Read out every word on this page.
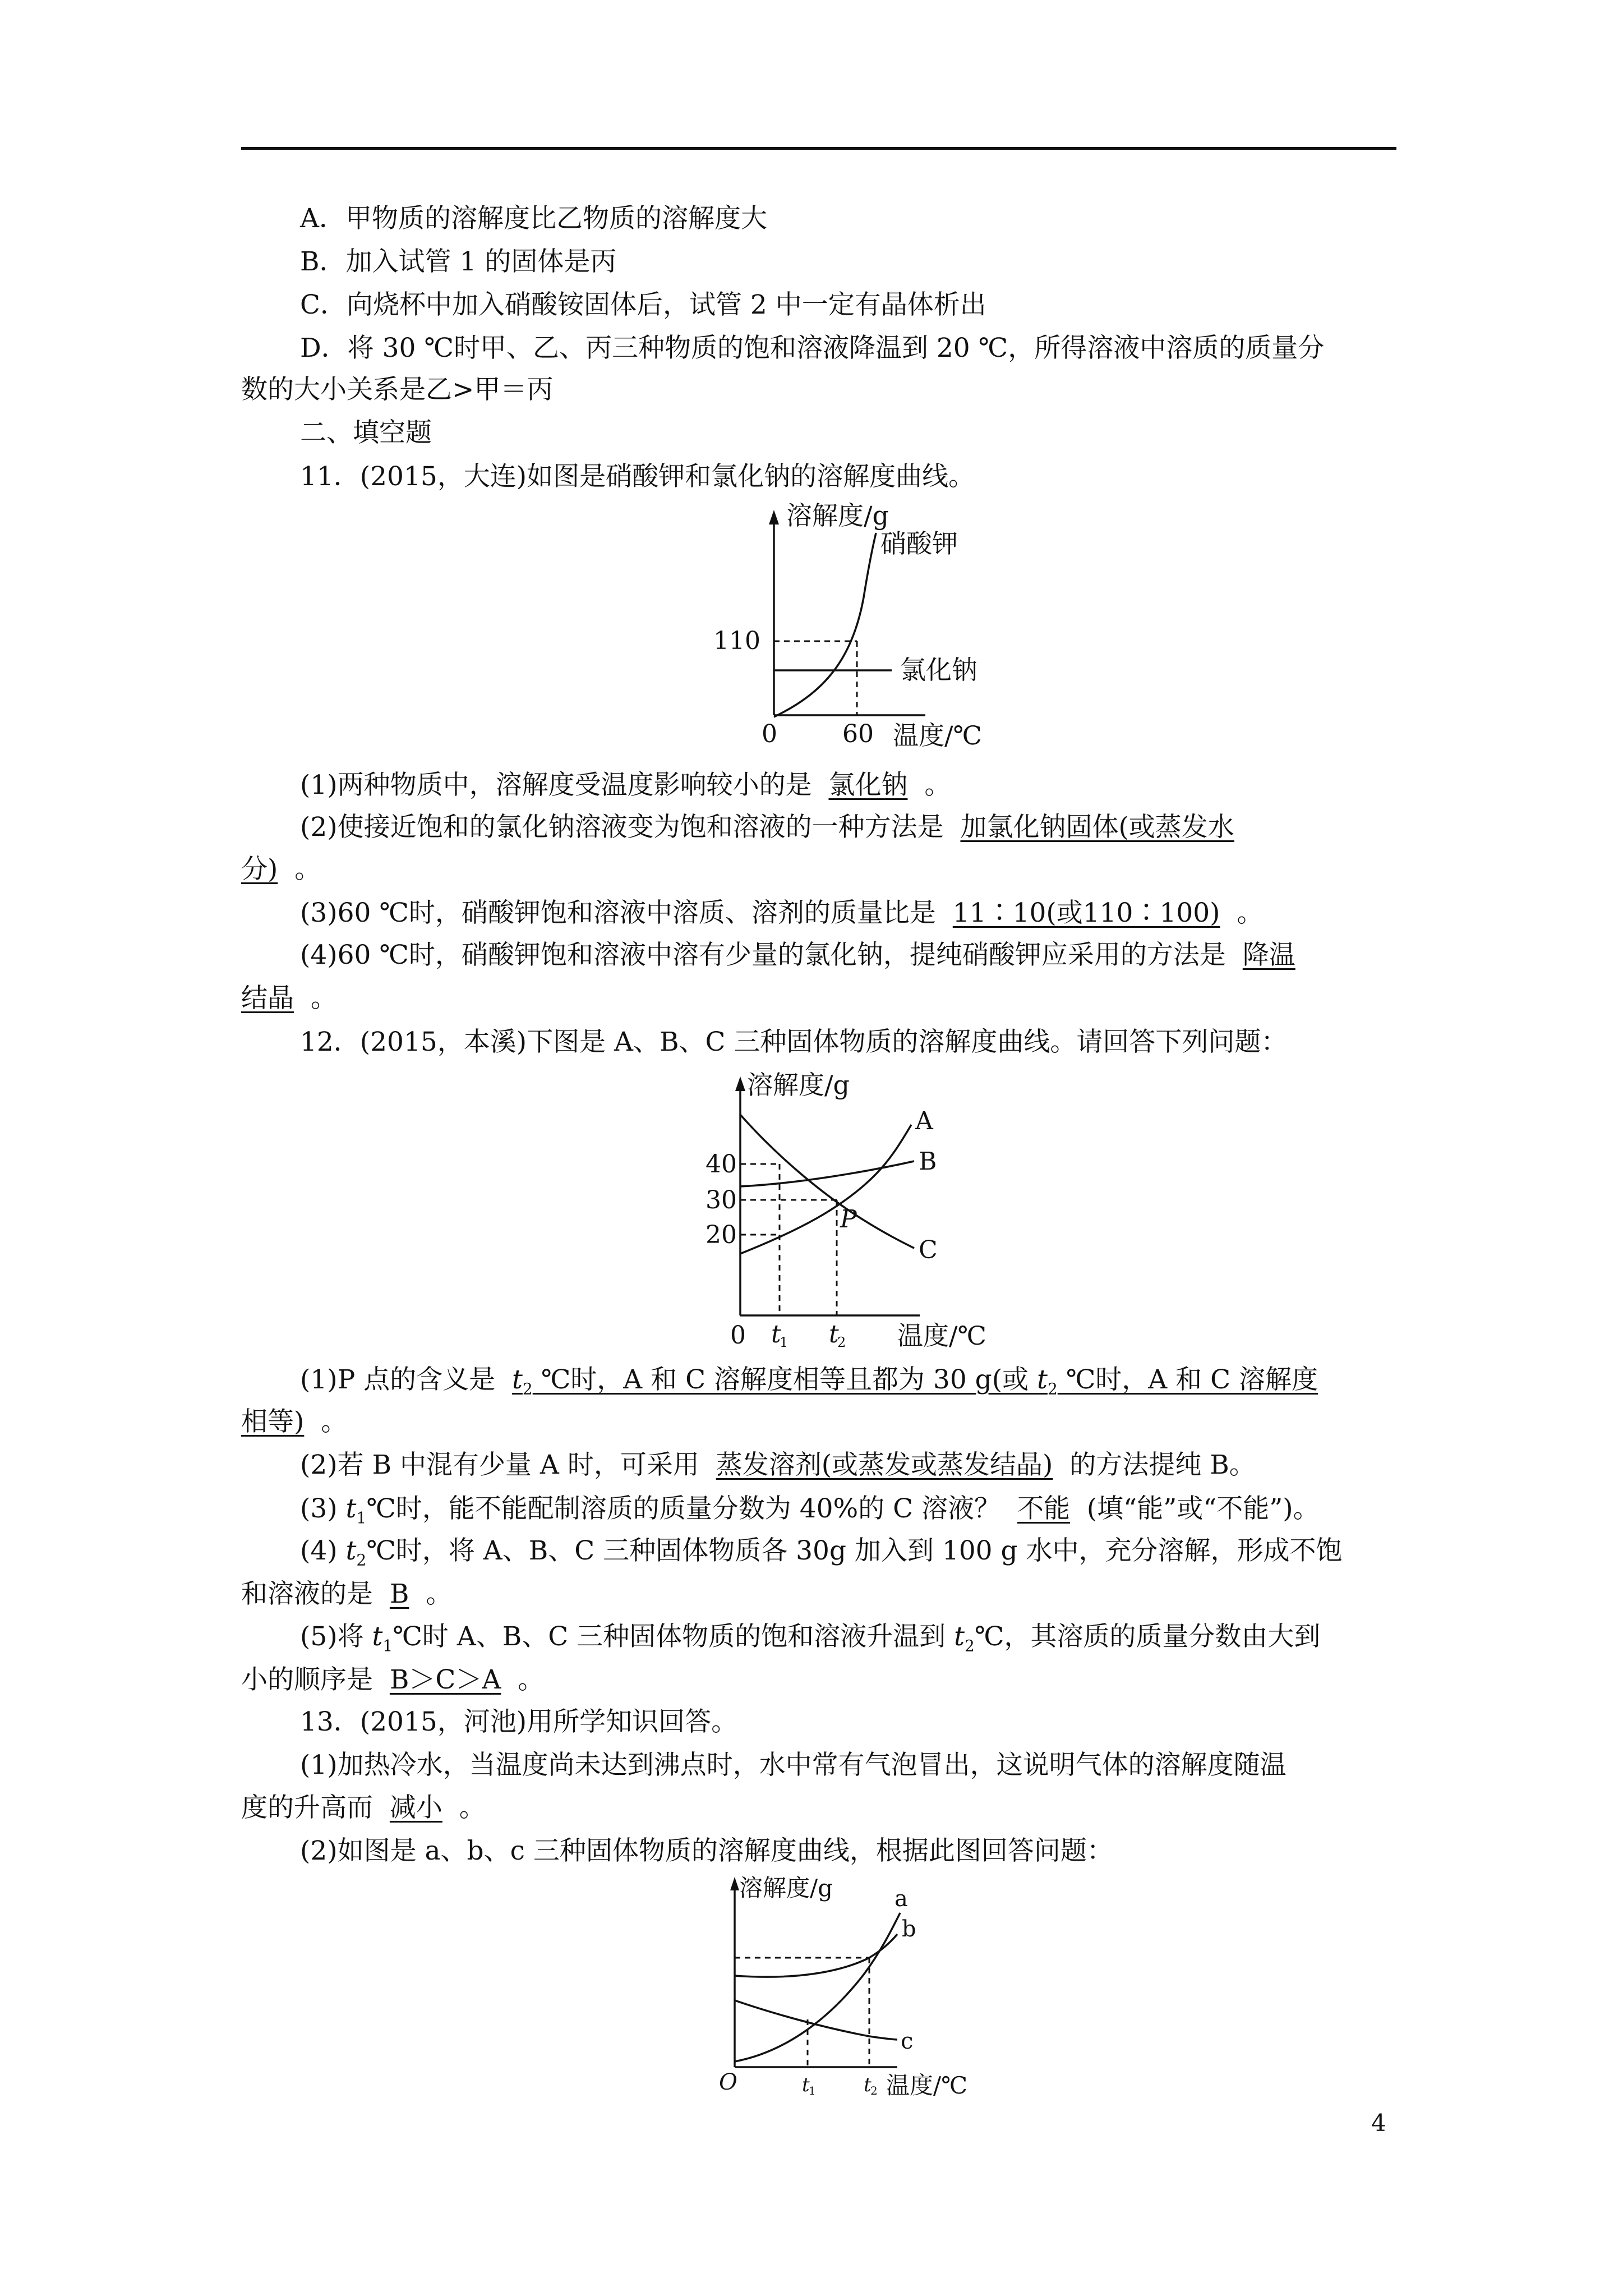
A．甲物质的溶解度比乙物质的溶解度大
B．加入试管 1 的固体是丙
C．向烧杯中加入硝酸铵固体后，试管 2 中一定有晶体析出
D．将 30 ℃时甲、乙、丙三种物质的饱和溶液降温到 20 ℃，所得溶液中溶质的质量分
数的大小关系是乙>甲＝丙
二、填空题
11．(2015，大连)如图是硝酸钾和氯化钠的溶解度曲线。
溶解度/g
硝酸钾
氯化钠
110
0	60 温度/℃
(1)两种物质中，溶解度受温度影响较小的是 氯化钠 。
(2)使接近饱和的氯化钠溶液变为饱和溶液的一种方法是 加氯化钠固体(或蒸发水
分) 。
(3)60 ℃时，硝酸钾饱和溶液中溶质、溶剂的质量比是 11∶10(或110∶100) 。
(4)60 ℃时，硝酸钾饱和溶液中溶有少量的氯化钠，提纯硝酸钾应采用的方法是 降温
结晶 。
12．(2015，本溪)下图是 A、B、C 三种固体物质的溶解度曲线。请回答下列问题：
溶解度/g
A
B
C
P
40
30
20
0 t
1 t
2 温度/℃
(1)P 点的含义是 $t_2$ ℃时，A 和 C 溶解度相等且都为 30 g(或 $t_2$ ℃时，A 和 C 溶解度
相等) 。
(2)若 B 中混有少量 A 时，可采用 蒸发溶剂(或蒸发或蒸发结晶) 的方法提纯 B。
(3) $t_1℃$时，能不能配制溶质的质量分数为 40%的 C 溶液？ 不能 (填“能”或“不能”)。
(4) $t_2℃$时，将 A、B、C 三种固体物质各 30g 加入到 100 g 水中，充分溶解，形成不饱
和溶液的是 B 。
(5)将 $t_1℃$时 A、B、C 三种固体物质的饱和溶液升温到 $t_2℃$，其溶质的质量分数由大到
小的顺序是 B＞C＞A 。
13．(2015，河池)用所学知识回答。
(1)加热冷水，当温度尚未达到沸点时，水中常有气泡冒出，这说明气体的溶解度随温
度的升高而 减小 。
(2)如图是 a、b、c 三种固体物质的溶解度曲线，根据此图回答问题：
溶解度/g	a
b
c
O	t
1	t
2 温度/℃
4
